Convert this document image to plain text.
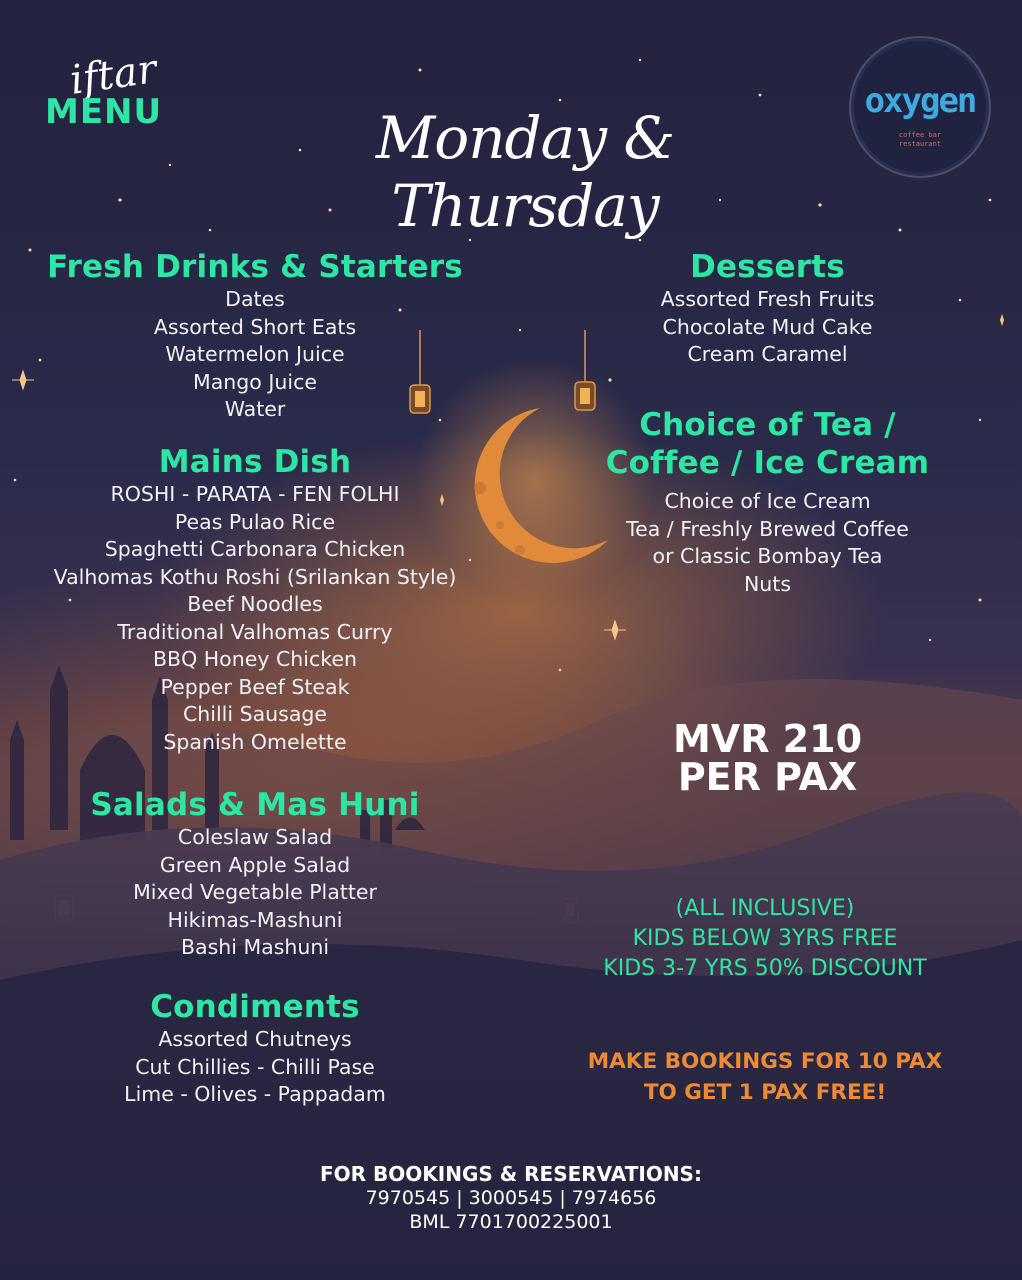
iftar
MENU	Monday & Thursday
oxygen
coffee bar
restaurant
Fresh Drinks & Starters
Dates
Assorted Short Eats
Watermelon Juice
Mango Juice
Water
Mains Dish
ROSHI - PARATA - FEN FOLHI
Peas Pulao Rice
Spaghetti Carbonara Chicken
Valhomas Kothu Roshi (Srilankan Style)
Beef Noodles
Traditional Valhomas Curry
BBQ Honey Chicken
Pepper Beef Steak
Chilli Sausage
Spanish Omelette
Salads & Mas Huni
Coleslaw Salad
Green Apple Salad
Mixed Vegetable Platter
Hikimas-Mashuni
Bashi Mashuni
Condiments
Assorted Chutneys
Cut Chillies - Chilli Pase
Lime - Olives - Pappadam
Desserts
Assorted Fresh Fruits
Chocolate Mud Cake
Cream Caramel
Choice of Tea /
Coffee / Ice Cream
Choice of Ice Cream
Tea / Freshly Brewed Coffee
or Classic Bombay Tea
Nuts
MVR 210
PER PAX
(ALL INCLUSIVE)
KIDS BELOW 3YRS FREE
KIDS 3-7 YRS 50% DISCOUNT
MAKE BOOKINGS FOR 10 PAX
TO GET 1 PAX FREE!
FOR BOOKINGS & RESERVATIONS:
7970545 | 3000545 | 7974656
BML 7701700225001
